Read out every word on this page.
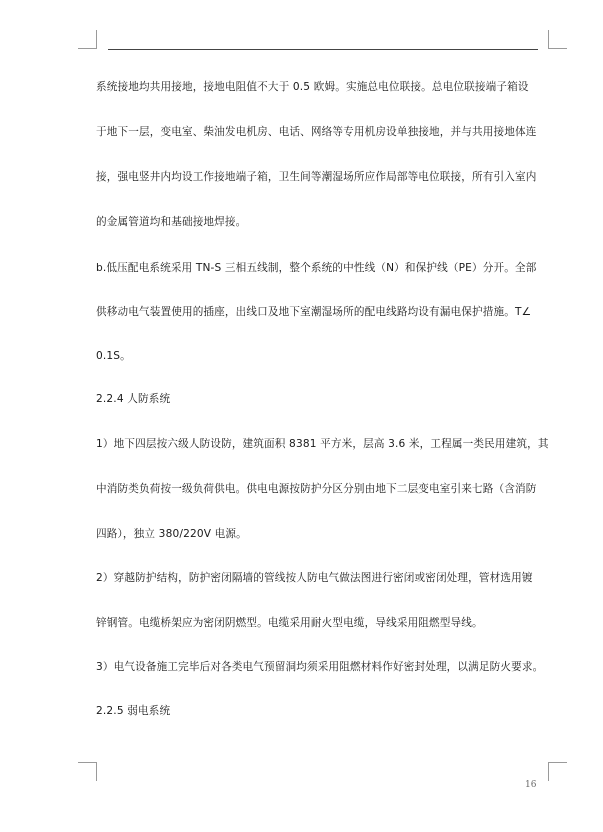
系统接地均共用接地，接地电阻值不大于 0.5 欧姆。实施总电位联接。总电位联接端子箱设
于地下一层，变电室、柴油发电机房、电话、网络等专用机房设单独接地，并与共用接地体连
接，强电竖井内均设工作接地端子箱，卫生间等潮湿场所应作局部等电位联接，所有引入室内
的金属管道均和基础接地焊接。
b.低压配电系统采用 TN-S 三相五线制，整个系统的中性线（N）和保护线（PE）分开。全部
供移动电气装置使用的插座，出线口及地下室潮湿场所的配电线路均设有漏电保护措施。T∠
0.1S。
2.2.4 人防系统
1）地下四层按六级人防设防，建筑面积 8381 平方米，层高 3.6 米，工程属一类民用建筑，其
中消防类负荷按一级负荷供电。供电电源按防护分区分别由地下二层变电室引来七路（含消防
四路），独立 380/220V 电源。
2）穿越防护结构，防护密闭隔墙的管线按人防电气做法图进行密闭或密闭处理，管材选用镀
锌钢管。电缆桥架应为密闭阴燃型。电缆采用耐火型电缆，导线采用阻燃型导线。
3）电气设备施工完毕后对各类电气预留洞均须采用阻燃材料作好密封处理，以满足防火要求。
2.2.5 弱电系统
16
